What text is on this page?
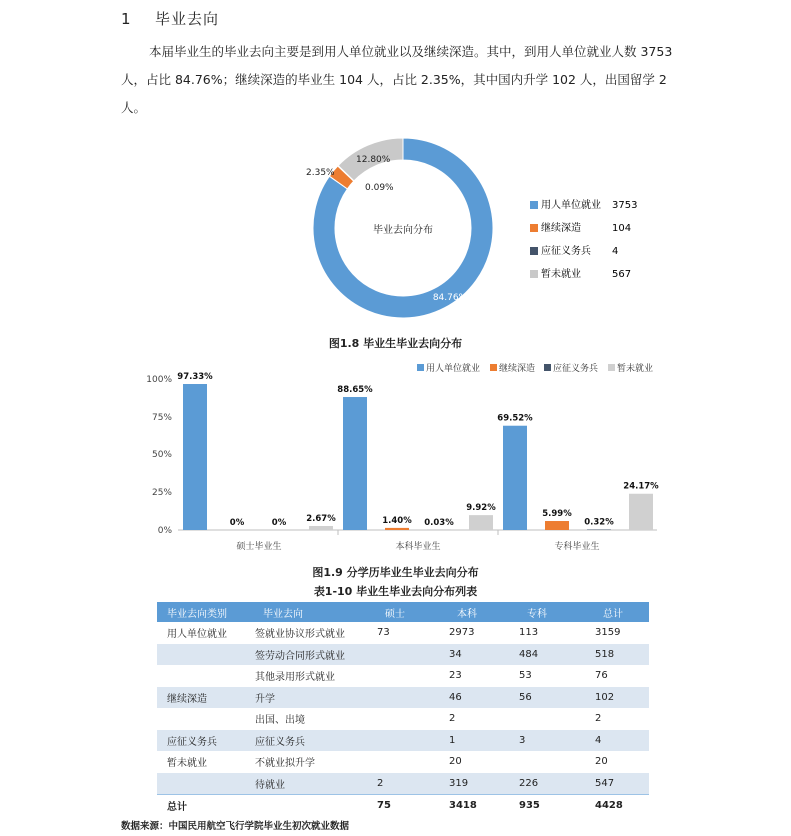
1 毕业去向
本届毕业生的毕业去向主要是到用人单位就业以及继续深造。其中，到用人单位就业人数 3753 人，占比 84.76%；继续深造的毕业生 104 人，占比 2.35%，其中国内升学 102 人，出国留学 2 人。
毕业去向分布
84.76%
2.35%
0.09%
12.80%
用人单位就业 3753
继续深造	104
应征义务兵 4
暂未就业	567
图1.8 毕业生毕业去向分布
0%
25%
50%
75%
100%
硕士毕业生	本科毕业生	专科毕业生
97.33%
0%	0% 2.67%
88.65%
1.40% 0.03%
9.92%
69.52%
5.99%
0.32%
24.17%
用人单位就业 继续深造 应征义务兵 暂未就业
图1.9 分学历毕业生毕业去向分布
表1-10 毕业生毕业去向分布列表
毕业去向类别	毕业去向	硕士	本科	专科	总计
用人单位就业	签就业协议形式就业	73	2973	113	3159
	签劳动合同形式就业		34	484	518
	其他录用形式就业		23	53	76
继续深造	升学		46	56	102
	出国、出境		2		2
应征义务兵	应征义务兵		1	3	4
暂未就业	不就业拟升学		20		20
	待就业	2	319	226	547
总计		75	3418	935	4428
数据来源：中国民用航空飞行学院毕业生初次就业数据
